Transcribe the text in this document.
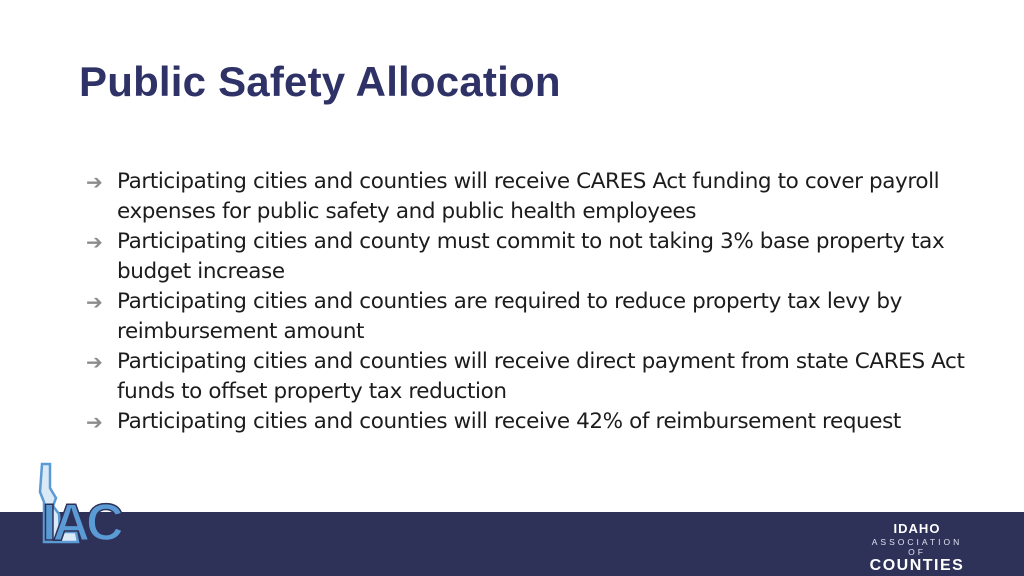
Public Safety Allocation
➔ Participating cities and counties will receive CARES Act funding to cover payroll expenses for public safety and public health employees
➔ Participating cities and county must commit to not taking 3% base property tax budget increase
➔ Participating cities and counties are required to reduce property tax levy by reimbursement amount
➔ Participating cities and counties will receive direct payment from state CARES Act funds to offset property tax reduction
➔ Participating cities and counties will receive 42% of reimbursement request
IAC	IDAHO
ASSOCIATION OF
COUNTIES
